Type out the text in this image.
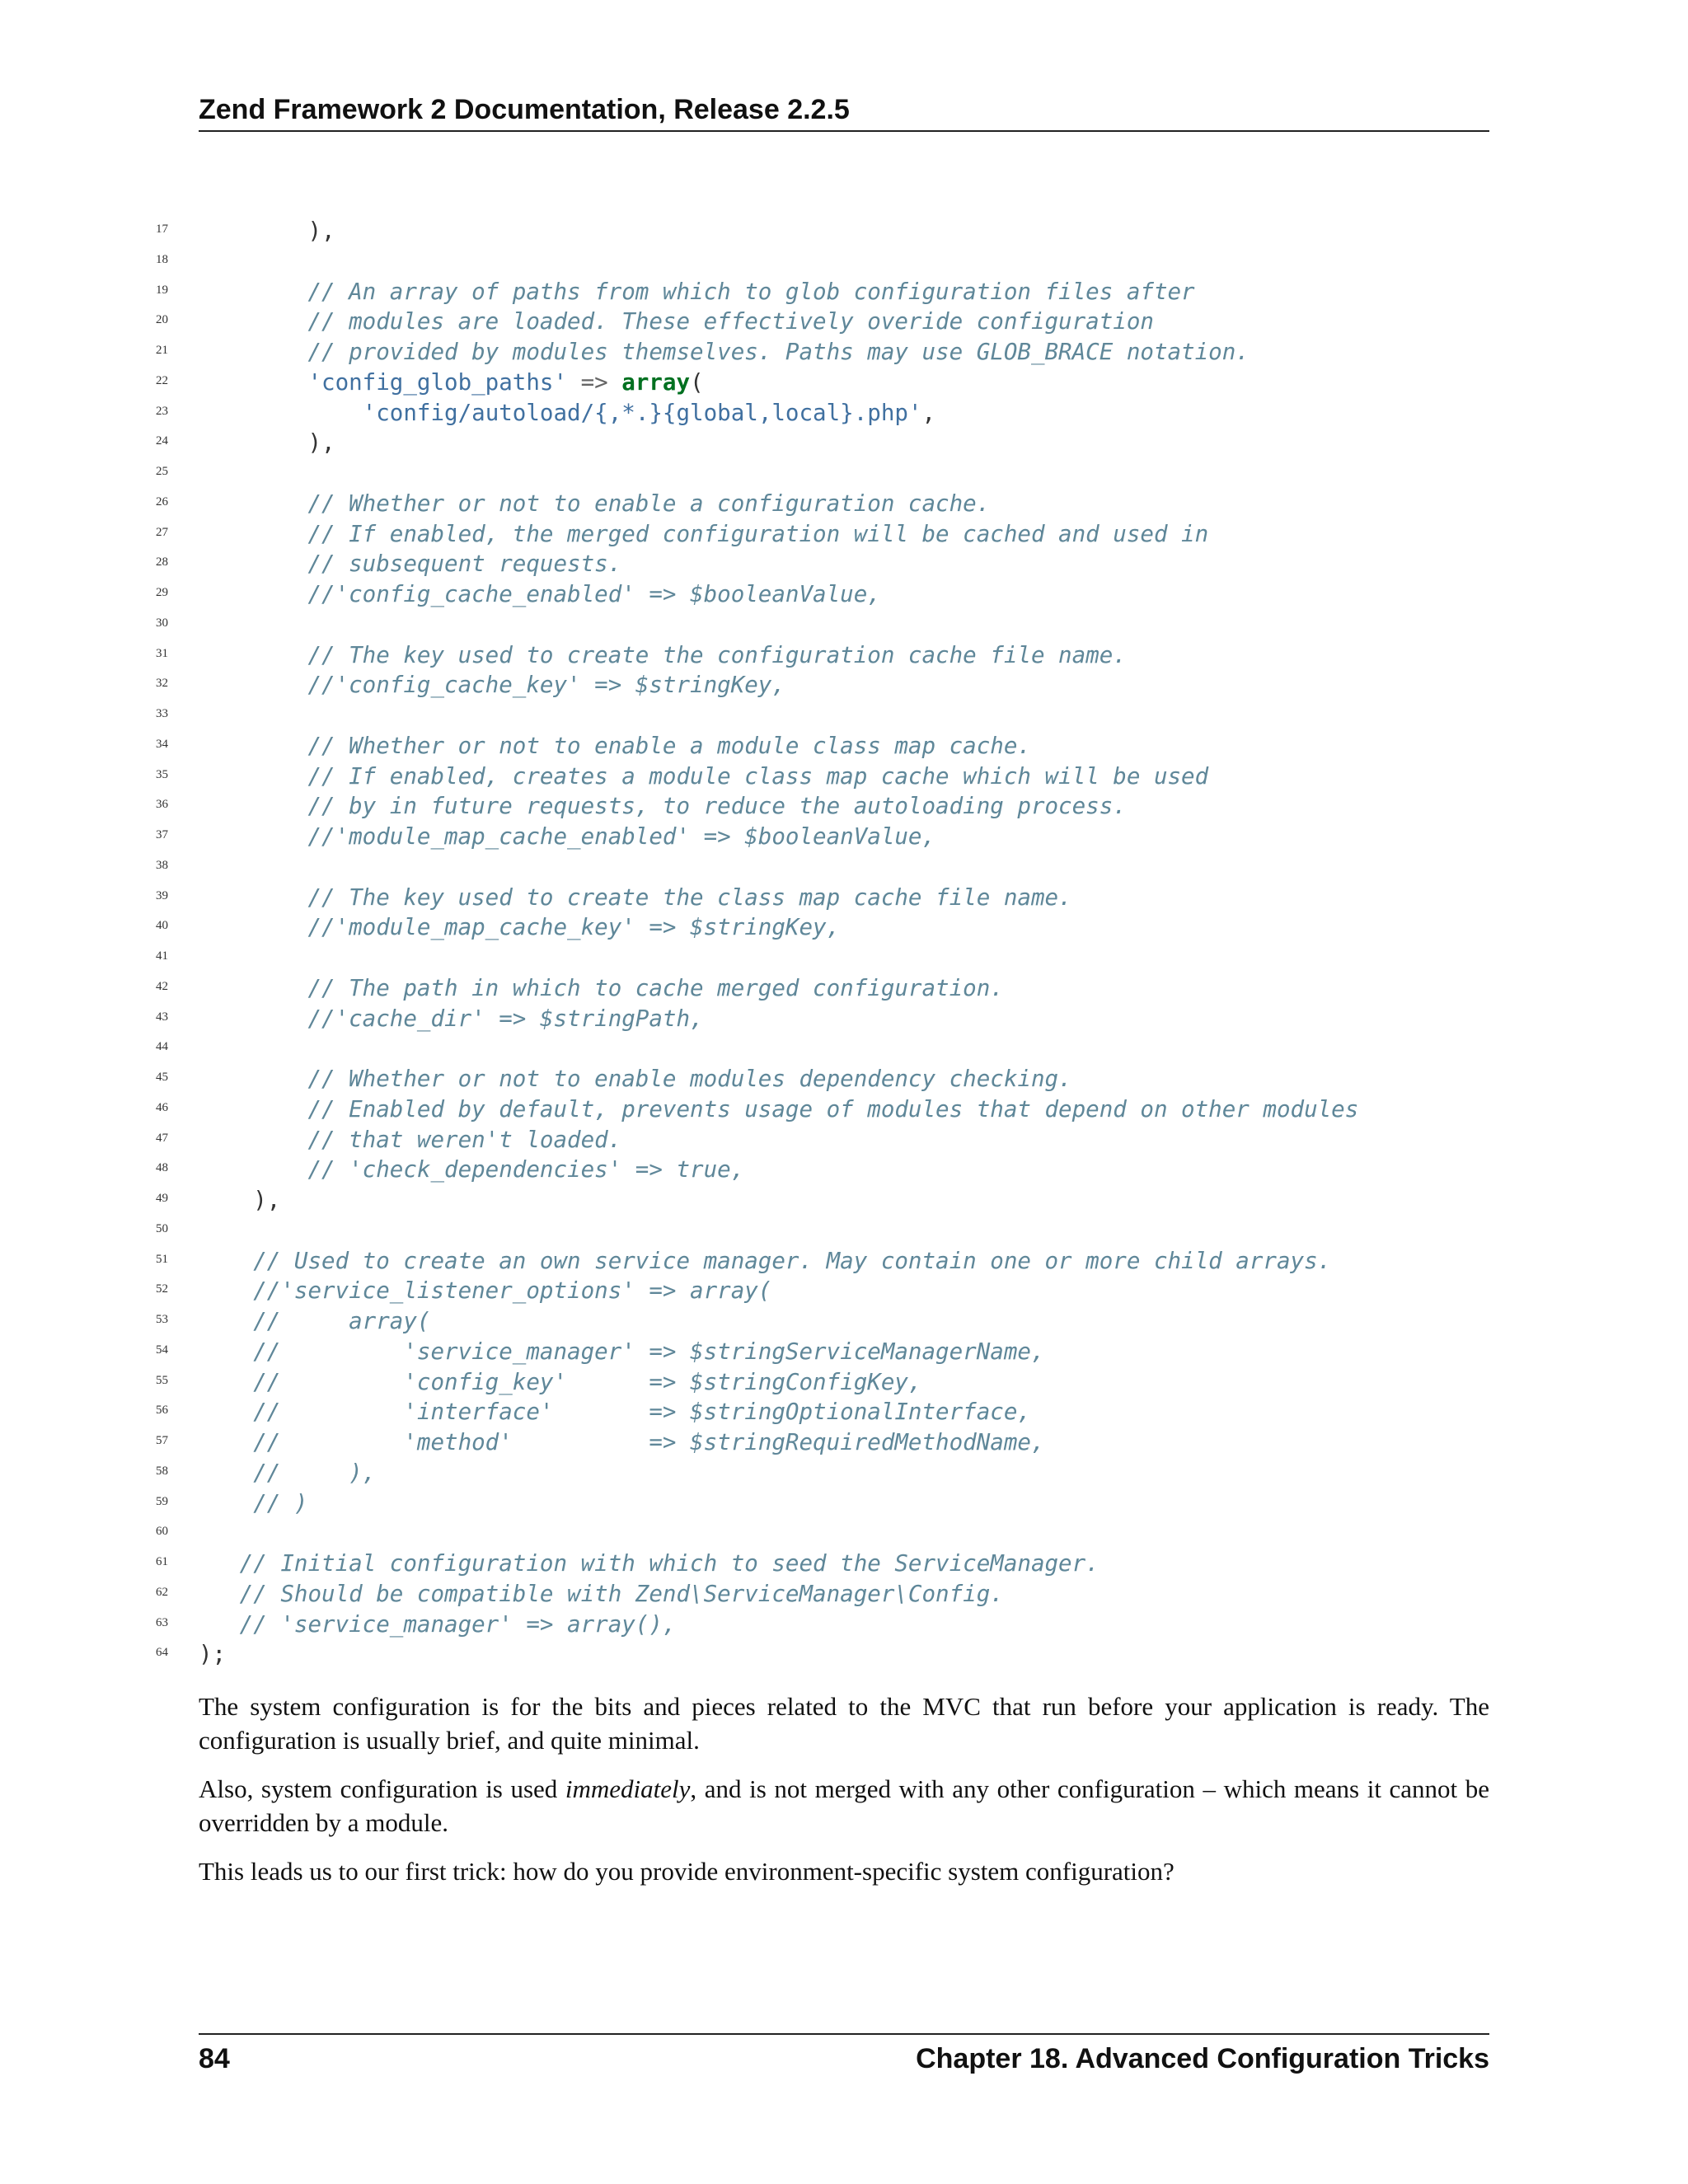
Zend Framework 2 Documentation, Release 2.2.5
17 ),
18
19 // An array of paths from which to glob configuration files after
20 // modules are loaded. These effectively overide configuration
21 // provided by modules themselves. Paths may use GLOB_BRACE notation.
22	'config_glob_paths' => array(
23	'config/autoload/{,*.}{global,local}.php',
24 ),
25
26 // Whether or not to enable a configuration cache.
27 // If enabled, the merged configuration will be cached and used in
28 // subsequent requests.
29 //'config_cache_enabled' => $booleanValue,
30
31 // The key used to create the configuration cache file name.
32 //'config_cache_key' => $stringKey,
33
34 // Whether or not to enable a module class map cache.
35 // If enabled, creates a module class map cache which will be used
36 // by in future requests, to reduce the autoloading process.
37 //'module_map_cache_enabled' => $booleanValue,
38
39 // The key used to create the class map cache file name.
40 //'module_map_cache_key' => $stringKey,
41
42 // The path in which to cache merged configuration.
43 //'cache_dir' => $stringPath,
44
45 // Whether or not to enable modules dependency checking.
46 // Enabled by default, prevents usage of modules that depend on other modules
47 // that weren't loaded.
48 // 'check_dependencies' => true,
49 ),
50
51 // Used to create an own service manager. May contain one or more child arrays.
52 //'service_listener_options' => array(
53 //     array(
54 //         'service_manager' => $stringServiceManagerName,
55 //         'config_key'      => $stringConfigKey,
56 //         'interface'       => $stringOptionalInterface,
57 //         'method'          => $stringRequiredMethodName,
58 //     ),
59 // )
60
61 // Initial configuration with which to seed the ServiceManager.
62 // Should be compatible with Zend\ServiceManager\Config.
63 // 'service_manager' => array(),
64 );

The system configuration is for the bits and pieces related to the MVC that run before your application is ready. The configuration is usually brief, and quite minimal.

Also, system configuration is used immediately, and is not merged with any other configuration – which means it cannot be overridden by a module.

This leads us to our first trick: how do you provide environment-specific system configuration?

84	Chapter 18. Advanced Configuration Tricks
